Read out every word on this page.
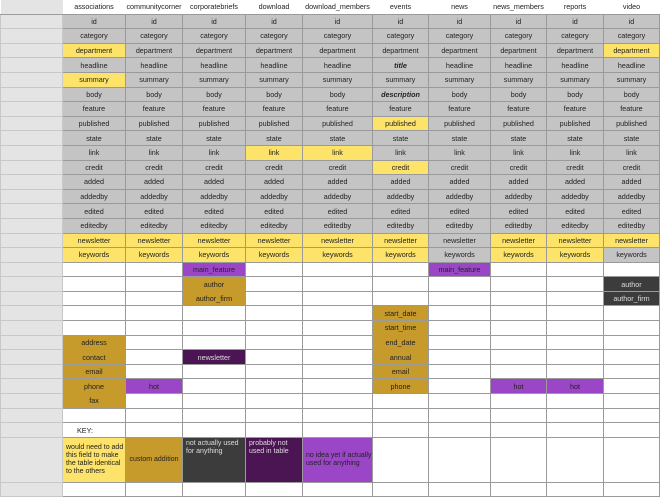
	associations	communitycorner	corporatebriefs	download	download_members	events	news	news_members	reports	video
	id	id	id	id	id	id	id	id	id	id
	category	category	category	category	category	category	category	category	category	category
	department	department	department	department	department	department	department	department	department	department
	headline	headline	headline	headline	headline	title	headline	headline	headline	headline
	summary	summary	summary	summary	summary	summary	summary	summary	summary	summary
	body	body	body	body	body	description	body	body	body	body
	feature	feature	feature	feature	feature	feature	feature	feature	feature	feature
	published	published	published	published	published	published	published	published	published	published
	state	state	state	state	state	state	state	state	state	state
	link	link	link	link	link	link	link	link	link	link
	credit	credit	credit	credit	credit	credit	credit	credit	credit	credit
	added	added	added	added	added	added	added	added	added	added
	addedby	addedby	addedby	addedby	addedby	addedby	addedby	addedby	addedby	addedby
	edited	edited	edited	edited	edited	edited	edited	edited	edited	edited
	editedby	editedby	editedby	editedby	editedby	editedby	editedby	editedby	editedby	editedby
	newsletter	newsletter	newsletter	newsletter	newsletter	newsletter	newsletter	newsletter	newsletter	newsletter
	keywords	keywords	keywords	keywords	keywords	keywords	keywords	keywords	keywords	keywords
			main_feature				main_feature			
			author							author
			author_firm							author_firm
						start_date				
						start_time				
	address					end_date				
	contact		newsletter			annual				
	email					email				
	phone	hot				phone		hot	hot	
	fax									

	KEY:									
	would need to add this field to make the table identical to the others	custom addition	not actually used for anything	probably not used in table	no idea yet if actually used for anything					
